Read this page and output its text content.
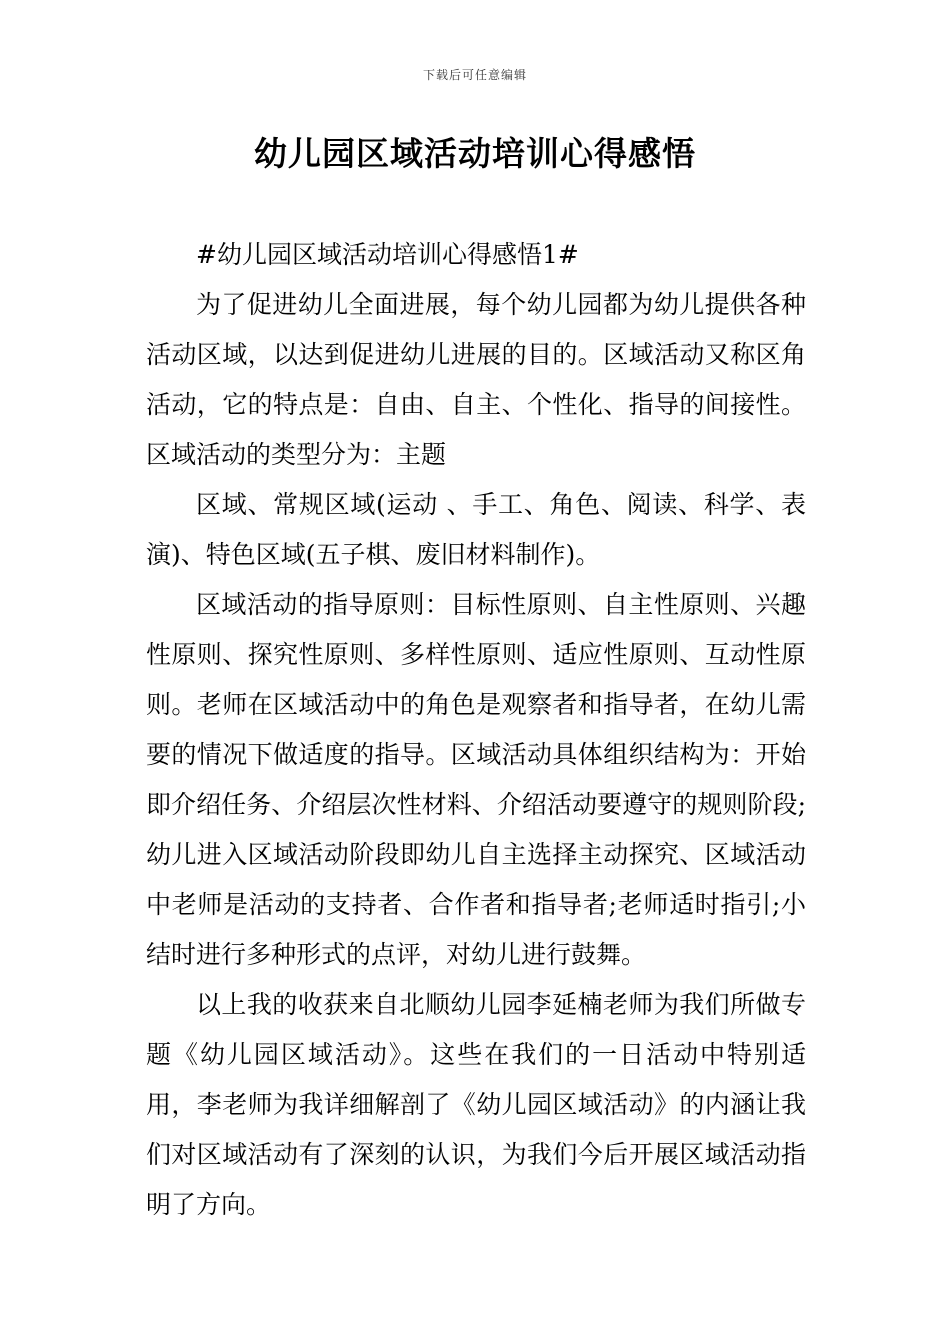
下载后可任意编辑
幼儿园区域活动培训心得感悟

#幼儿园区域活动培训心得感悟1#

为了促进幼儿全面进展，每个幼儿园都为幼儿提供各种活动区域，以达到促进幼儿进展的目的。区域活动又称区角活动，它的特点是：自由、自主、个性化、指导的间接性。区域活动的类型分为：主题

区域、常规区域(运动 、手工、角色、阅读、科学、表演)、特色区域(五子棋、废旧材料制作)。

区域活动的指导原则：目标性原则、自主性原则、兴趣性原则、探究性原则、多样性原则、适应性原则、互动性原则。老师在区域活动中的角色是观察者和指导者，在幼儿需要的情况下做适度的指导。区域活动具体组织结构为：开始即介绍任务、介绍层次性材料、介绍活动要遵守的规则阶段;幼儿进入区域活动阶段即幼儿自主选择主动探究、区域活动中老师是活动的支持者、合作者和指导者;老师适时指引;小结时进行多种形式的点评，对幼儿进行鼓舞。

以上我的收获来自北顺幼儿园李延楠老师为我们所做专题《幼儿园区域活动》。这些在我们的一日活动中特别适用，李老师为我详细解剖了《幼儿园区域活动》的内涵让我们对区域活动有了深刻的认识，为我们今后开展区域活动指明了方向。
